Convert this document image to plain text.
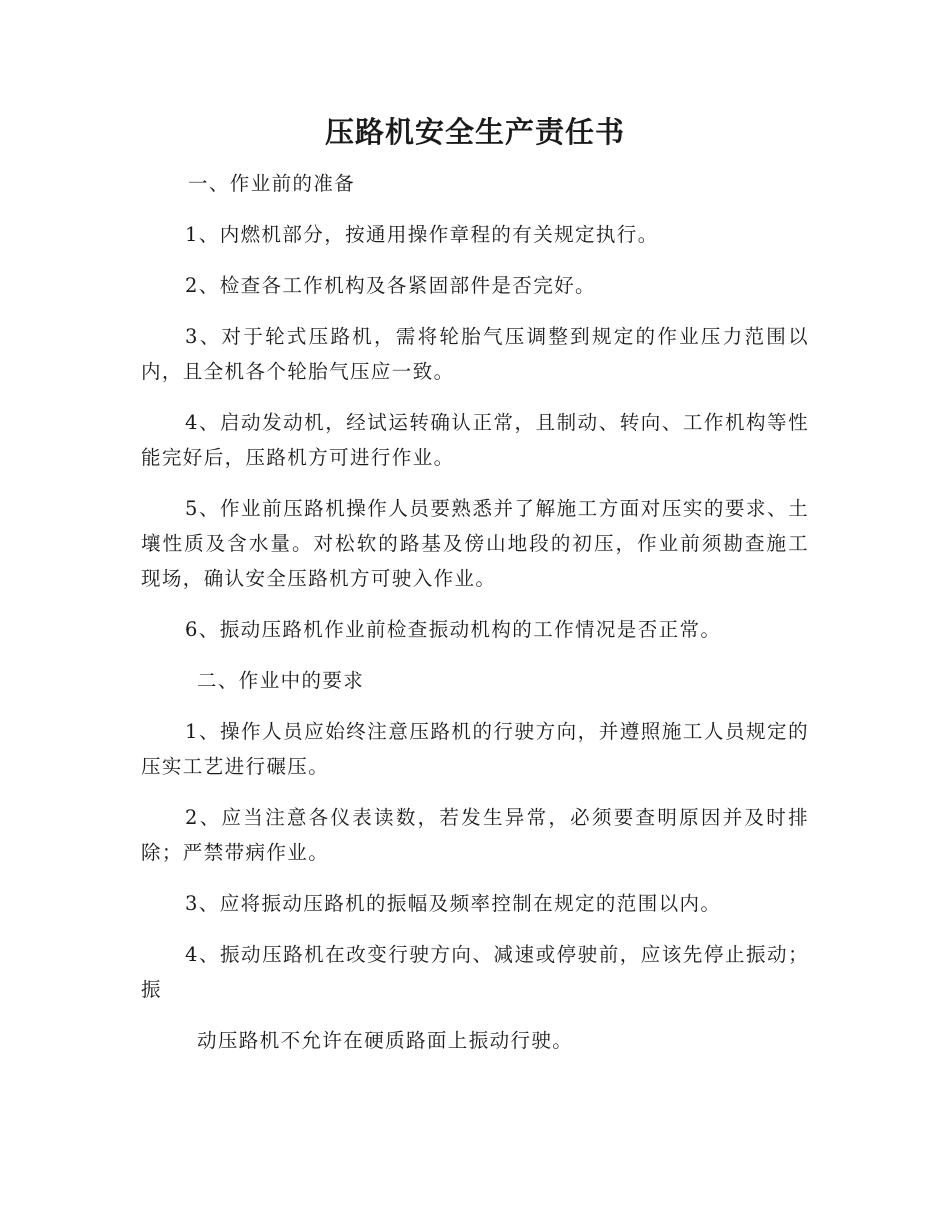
压路机安全生产责任书

一、作业前的准备

1、内燃机部分，按通用操作章程的有关规定执行。

2、检查各工作机构及各紧固部件是否完好。

3、对于轮式压路机，需将轮胎气压调整到规定的作业压力范围以内，且全机各个轮胎气压应一致。

4、启动发动机，经试运转确认正常，且制动、转向、工作机构等性能完好后，压路机方可进行作业。

5、作业前压路机操作人员要熟悉并了解施工方面对压实的要求、土壤性质及含水量。对松软的路基及傍山地段的初压，作业前须勘查施工现场，确认安全压路机方可驶入作业。

6、振动压路机作业前检查振动机构的工作情况是否正常。

二、作业中的要求

1、操作人员应始终注意压路机的行驶方向，并遵照施工人员规定的压实工艺进行碾压。

2、应当注意各仪表读数，若发生异常，必须要查明原因并及时排除；严禁带病作业。

3、应将振动压路机的振幅及频率控制在规定的范围以内。

4、振动压路机在改变行驶方向、减速或停驶前，应该先停止振动；振

动压路机不允许在硬质路面上振动行驶。
